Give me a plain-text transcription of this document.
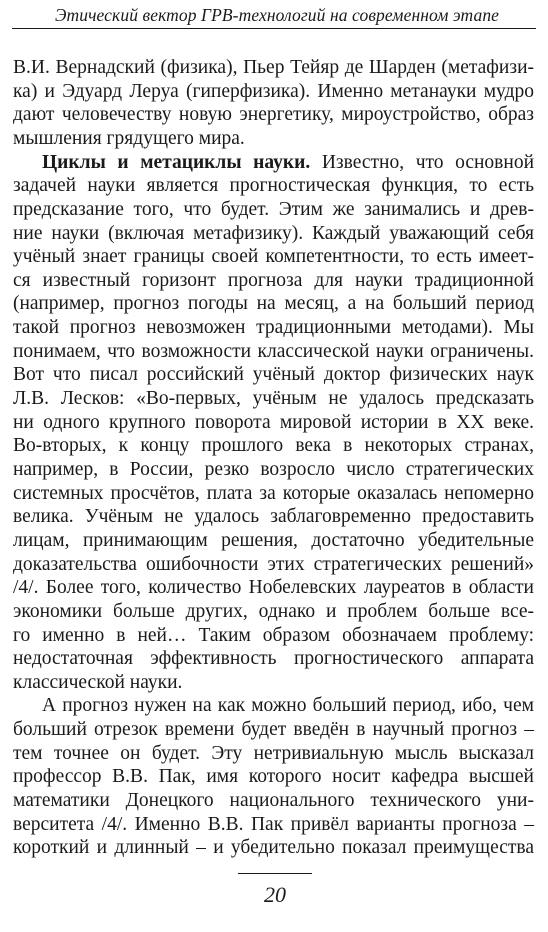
Этический вектор ГРВ-технологий на современном этапе
В.И. Вернадский (физика), Пьер Тейяр де Шарден (метафизи-
ка) и Эдуард Леруа (гиперфизика). Именно метанауки мудро
дают человечеству новую энергетику, мироустройство, образ
мышления грядущего мира.
Циклы и метациклы науки. Известно, что основной
задачей науки является прогностическая функция, то есть
предсказание того, что будет. Этим же занимались и древ-
ние науки (включая метафизику). Каждый уважающий себя
учёный знает границы своей компетентности, то есть имеет-
ся известный горизонт прогноза для науки традиционной
(например, прогноз погоды на месяц, а на больший период
такой прогноз невозможен традиционными методами). Мы
понимаем, что возможности классической науки ограничены.
Вот что писал российский учёный доктор физических наук
Л.В. Лесков: «Во-первых, учёным не удалось предсказать
ни одного крупного поворота мировой истории в XX веке.
Во-вторых, к концу прошлого века в некоторых странах,
например, в России, резко возросло число стратегических
системных просчётов, плата за которые оказалась непомерно
велика. Учёным не удалось заблаговременно предоставить
лицам, принимающим решения, достаточно убедительные
доказательства ошибочности этих стратегических решений»
/4/. Более того, количество Нобелевских лауреатов в области
экономики больше других, однако и проблем больше все-
го именно в ней… Таким образом обозначаем проблему:
недостаточная эффективность прогностического аппарата
классической науки.
А прогноз нужен на как можно больший период, ибо, чем
больший отрезок времени будет введён в научный прогноз –
тем точнее он будет. Эту нетривиальную мысль высказал
профессор В.В. Пак, имя которого носит кафедра высшей
математики Донецкого национального технического уни-
верситета /4/. Именно В.В. Пак привёл варианты прогноза –
короткий и длинный – и убедительно показал преимущества
20
